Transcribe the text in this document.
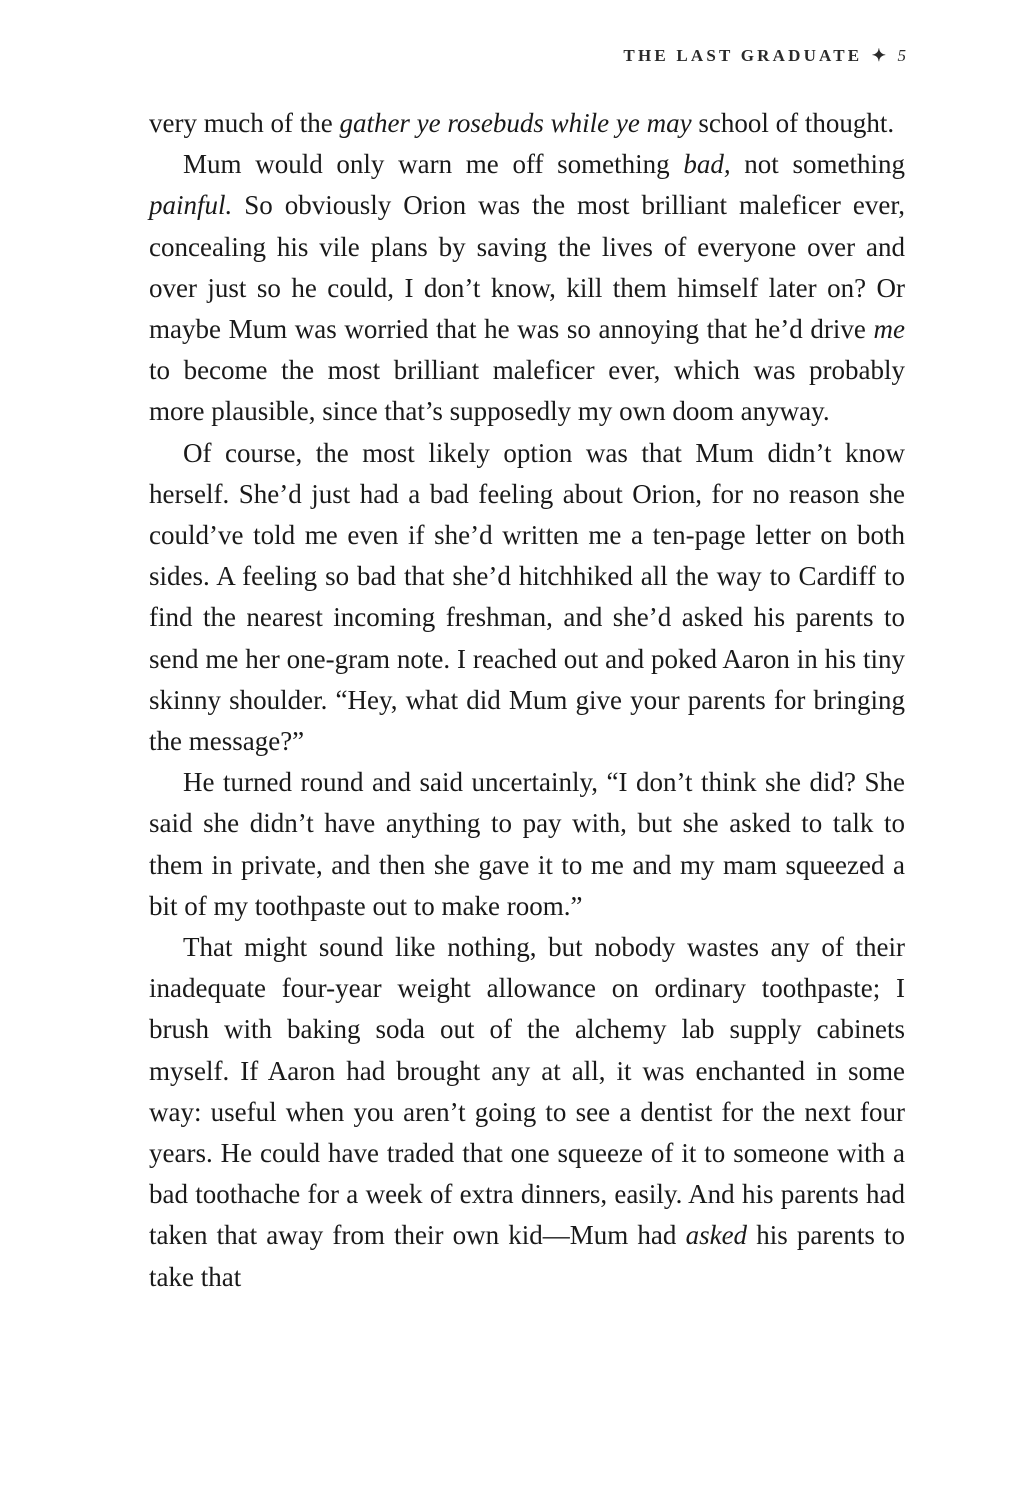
THE LAST GRADUATE ✦ 5

very much of the gather ye rosebuds while ye may school of thought.

Mum would only warn me off something bad, not something painful. So obviously Orion was the most brilliant maleficer ever, concealing his vile plans by saving the lives of everyone over and over just so he could, I don’t know, kill them himself later on? Or maybe Mum was worried that he was so annoying that he’d drive me to become the most brilliant maleficer ever, which was probably more plausible, since that’s supposedly my own doom anyway.

Of course, the most likely option was that Mum didn’t know herself. She’d just had a bad feeling about Orion, for no reason she could’ve told me even if she’d written me a ten-page letter on both sides. A feeling so bad that she’d hitchhiked all the way to Cardiff to find the nearest incoming freshman, and she’d asked his parents to send me her one-gram note. I reached out and poked Aaron in his tiny skinny shoulder. “Hey, what did Mum give your parents for bringing the message?”

He turned round and said uncertainly, “I don’t think she did? She said she didn’t have anything to pay with, but she asked to talk to them in private, and then she gave it to me and my mam squeezed a bit of my toothpaste out to make room.”

That might sound like nothing, but nobody wastes any of their inadequate four-year weight allowance on ordinary toothpaste; I brush with baking soda out of the alchemy lab supply cabinets myself. If Aaron had brought any at all, it was enchanted in some way: useful when you aren’t going to see a dentist for the next four years. He could have traded that one squeeze of it to someone with a bad toothache for a week of extra dinners, easily. And his parents had taken that away from their own kid—Mum had asked his parents to take that
